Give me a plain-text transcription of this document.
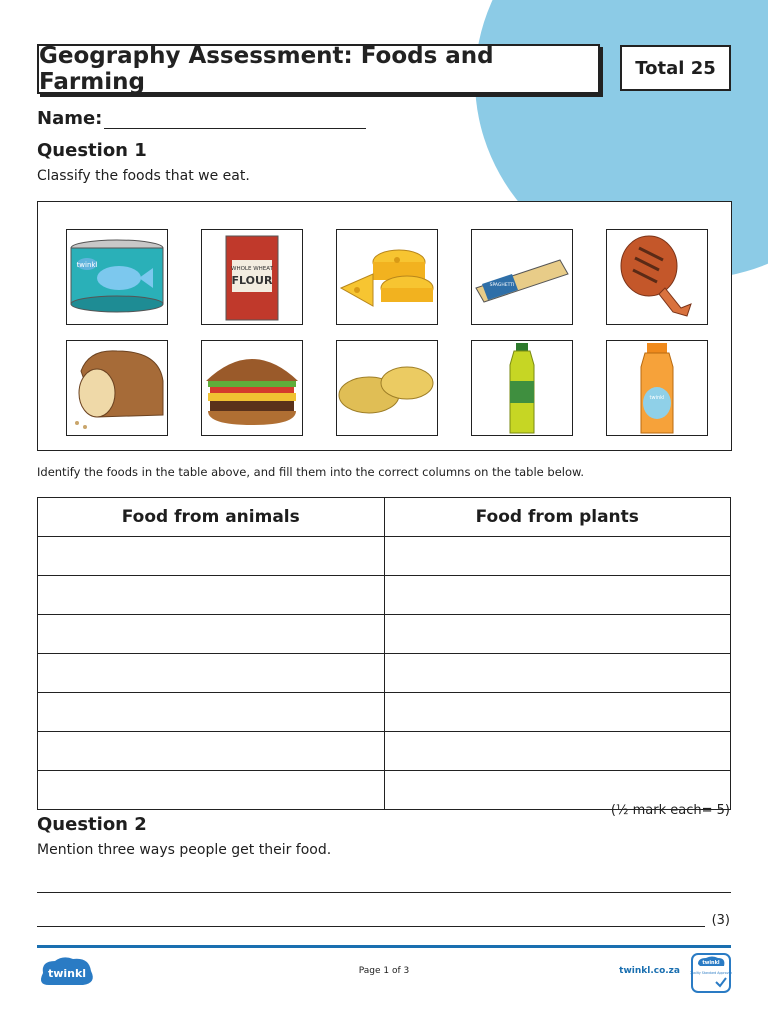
Geography Assessment: Foods and Farming
Total 25
Name:
Question 1
Classify the foods that we eat.
twinkl	WHOLE WHEAT
FLOUR	SPAGHETTI
twinkl
Identify the foods in the table above, and fill them into the correct columns on the table below.
Food from animals	Food from plants

(½ mark each= 5)
Question 2
Mention three ways people get their food.
(3)
twinkl	Page 1 of 3	twinkl.co.za
twinkl
Quality Standard Approved
